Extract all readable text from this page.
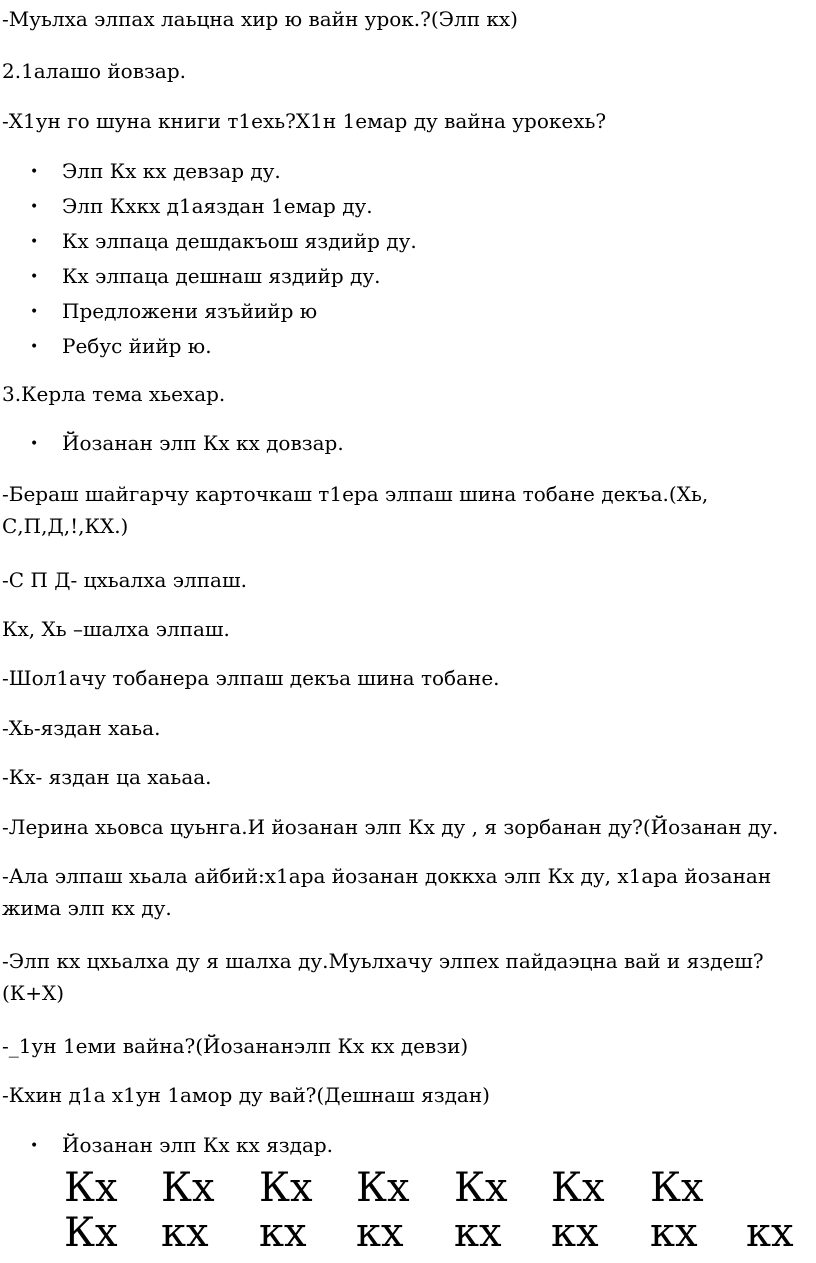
-Муьлха элпах лаьцна хир ю вайн урок.?(Элп кх)
2.1алашо йовзар.
-Х1ун го шуна книги т1ехь?Х1н 1емар ду вайна урокехь?
• Элп Кх кх девзар ду.
• Элп Кхкх д1аяздан 1емар ду.
• Кх элпаца дешдакъош яздийр ду.
• Кх элпаца дешнаш яздийр ду.
• Предложени язъйийр ю
• Ребус йийр ю.
3.Керла тема хьехар.
• Йозанан элп Кх кх довзар.
-Бераш шайгарчу карточкаш т1ера элпаш шина тобане декъа.(Хь, С,П,Д,!,КХ.)
-С П Д- цхьалха элпаш.
Кх, Хь –шалха элпаш.
-Шол1ачу тобанера элпаш декъа шина тобане.
-Хь-яздан хаьа.
-Кх- яздан ца хаьаа.
-Лерина хьовса цуьнга.И йозанан элп Кх ду , я зорбанан ду?(Йозанан ду.
-Ала элпаш хьала айбий:х1ара йозанан доккха элп Кх ду, х1ара йозанан жима элп кх ду.
-Элп кх цхьалха ду я шалха ду.Муьлхачу элпех пайдаэцна вай и яздеш?(К+Х)
-_1ун 1еми вайна?(Йозананэлп Кх кх девзи)
-Кхин д1а х1ун 1амор ду вай?(Дешнаш яздан)
• Йозанан элп Кх кх яздар.
Кх Кх Кх Кх Кх Кх Кх
Кх кх кх кх кх кх кх кх
